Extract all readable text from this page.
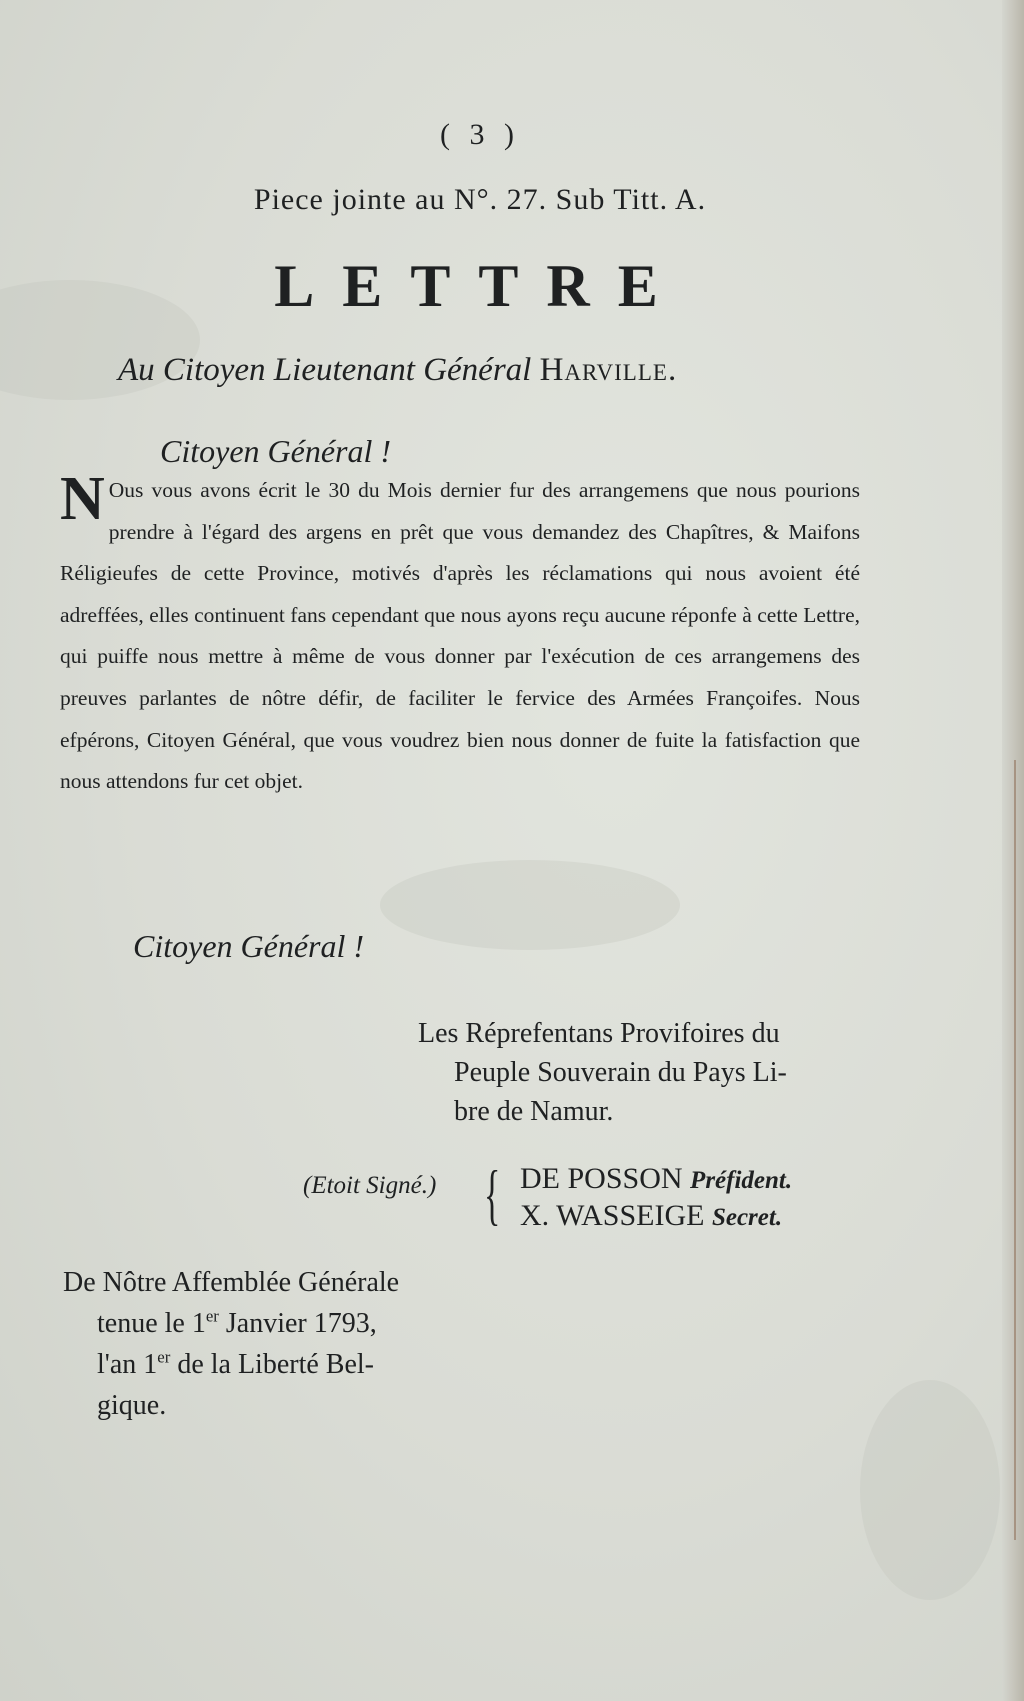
( 3 )
Piece jointe au N°. 27. Sub Titt. A.
LETTRE
Au Citoyen Lieutenant Général Harville.
Citoyen Général !
N Ous vous avons écrit le 30 du Mois dernier fur des arrangemens que nous pourions prendre à l'égard des argens en prêt que vous demandez des Chapîtres, & Maifons Réligieufes de cette Province, motivés d'après les réclamations qui nous avoient été adreffées, elles continuent fans cependant que nous ayons reçu aucune réponfe à cette Lettre, qui puiffe nous mettre à même de vous donner par l'exécution de ces arrangemens des preuves parlantes de nôtre défir, de faciliter le fervice des Armées Françoifes. Nous efpérons, Citoyen Général, que vous voudrez bien nous donner de fuite la fatisfaction que nous attendons fur cet objet.
Citoyen Général !
Les Réprefentans Provifoires du
Peuple Souverain du Pays Li-
bre de Namur.
(Etoit Signé.) { DE POSSON Préfident.
X. WASSEIGE Secret.
De Nôtre Affemblée Générale
tenue le 1er Janvier 1793,
l'an 1er de la Liberté Bel-
gique.
